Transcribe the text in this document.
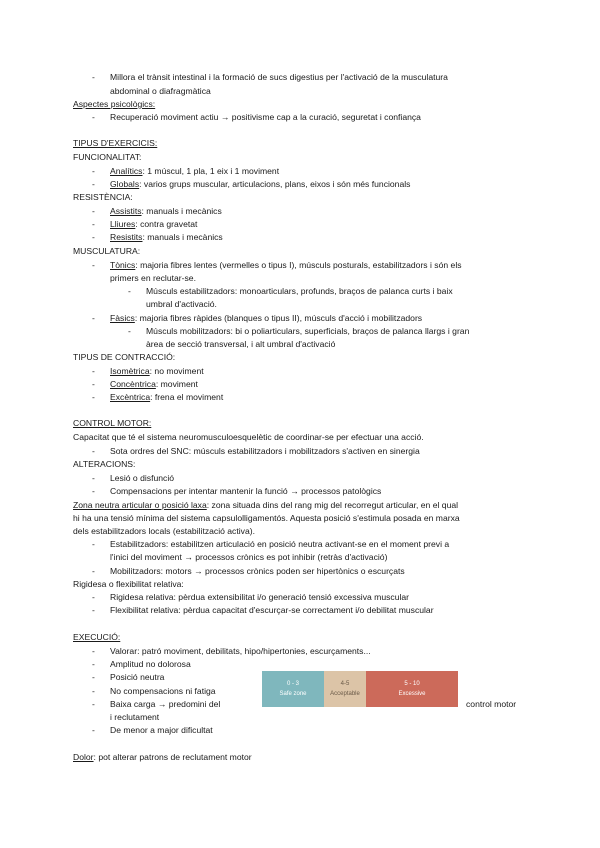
- Millora el trànsit intestinal i la formació de sucs digestius per l'activació de la musculatura
abdominal o diafragmàtica
Aspectes psicològics:
- Recuperació moviment actiu → positivisme cap a la curació, seguretat i confiança
TIPUS D'EXERCICIS:
FUNCIONALITAT:
- Analítics: 1 múscul, 1 pla, 1 eix i 1 moviment
- Globals: varios grups muscular, articulacions, plans, eixos i són més funcionals
RESISTÈNCIA:
- Assistits: manuals i mecànics
- Lliures: contra gravetat
- Resistits: manuals i mecànics
MUSCULATURA:
- Tònics: majoria fibres lentes (vermelles o tipus I), músculs posturals, estabilitzadors i són els
primers en reclutar-se.
- Músculs estabilitzadors: monoarticulars, profunds, braços de palanca curts i baix
umbral d'activació.
- Fàsics: majoria fibres ràpides (blanques o tipus II), músculs d'acció i mobilitzadors
- Músculs mobilitzadors: bi o poliarticulars, superficials, braços de palanca llargs i gran
àrea de secció transversal, i alt umbral d'activació
TIPUS DE CONTRACCIÓ:
- Isomètrica: no moviment
- Concèntrica: moviment
- Excèntrica: frena el moviment
CONTROL MOTOR:
Capacitat que té el sistema neuromusculoesquelètic de coordinar-se per efectuar una acció.
- Sota ordres del SNC: músculs estabilitzadors i mobilitzadors s'activen en sinergia
ALTERACIONS:
- Lesió o disfunció
- Compensacions per intentar mantenir la funció → processos patològics
Zona neutra articular o posició laxa: zona situada dins del rang mig del recorregut articular, en el qual
hi ha una tensió mínima del sistema capsulolligamentós. Aquesta posició s'estimula posada en marxa
dels estabilitzadors locals (estabilització activa).
- Estabilitzadors: estabilitzen articulació en posició neutra activant-se en el moment previ a
l'inici del moviment → processos crònics es pot inhibir (retràs d'activació)
- Mobilitzadors: motors → processos crònics poden ser hipertònics o escurçats
Rigidesa o flexibilitat relativa:
- Rigidesa relativa: pèrdua extensibilitat i/o generació tensió excessiva muscular
- Flexibilitat relativa: pèrdua capacitat d'escurçar-se correctament i/o debilitat muscular
EXECUCIÓ:
- Valorar: patró moviment, debilitats, hipo/hipertonies, escurçaments...
- Amplitud no dolorosa
- Posició neutra
- No compensacions ni fatiga
- Baixa carga → predomini del
i reclutament
control motor
- De menor a major dificultat
0 - 3
Safe zone
4-5
Acceptable
5 - 10
Excessive
Dolor: pot alterar patrons de reclutament motor
